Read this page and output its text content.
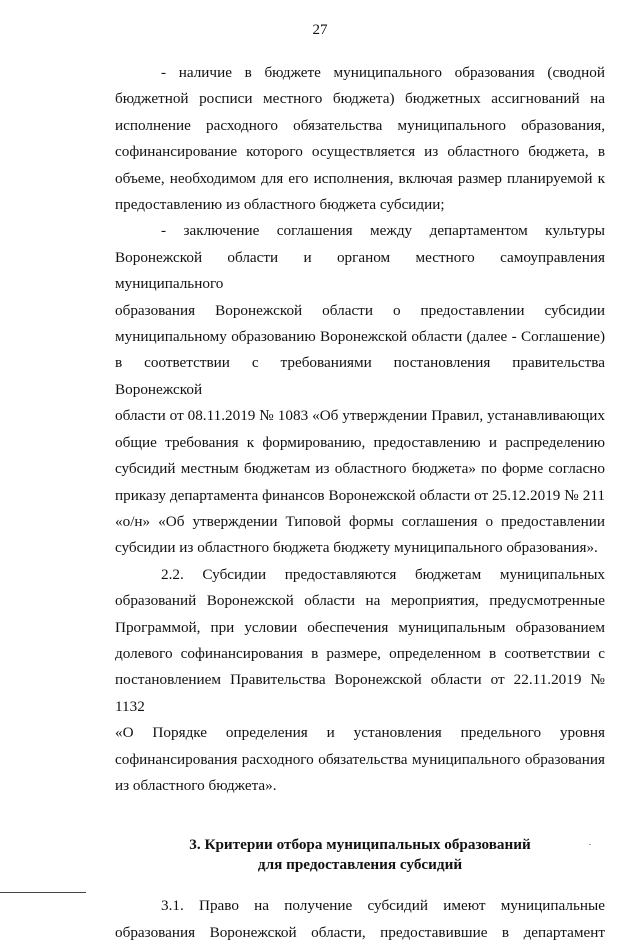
27

- наличие в бюджете муниципального образования (сводной

бюджетной росписи местного бюджета) бюджетных ассигнований на

исполнение расходного обязательства муниципального образования,

софинансирование которого осуществляется из областного бюджета, в

объеме, необходимом для его исполнения, включая размер планируемой к

предоставлению из областного бюджета субсидии;

- заключение соглашения между департаментом культуры

Воронежской области и органом местного самоуправления муниципального

образования Воронежской области о предоставлении субсидии

муниципальному образованию Воронежской области (далее - Соглашение)

в соответствии с требованиями постановления правительства Воронежской

области от 08.11.2019 № 1083 «Об утверждении Правил, устанавливающих

общие требования к формированию, предоставлению и распределению

субсидий местным бюджетам из областного бюджета» по форме согласно

приказу департамента финансов Воронежской области от 25.12.2019 № 211

«о/н» «Об утверждении Типовой формы соглашения о предоставлении

субсидии из областного бюджета бюджету муниципального образования».

2.2. Субсидии предоставляются бюджетам муниципальных

образований Воронежской области на мероприятия, предусмотренные

Программой, при условии обеспечения муниципальным образованием

долевого софинансирования в размере, определенном в соответствии с

постановлением Правительства Воронежской области от 22.11.2019 № 1132

«О Порядке определения и установления предельного уровня

софинансирования расходного обязательства муниципального образования

из областного бюджета».

3. Критерии отбора муниципальных образований
для предоставления субсидий

3.1. Право на получение субсидий имеют муниципальные

образования Воронежской области, предоставившие в департамент
